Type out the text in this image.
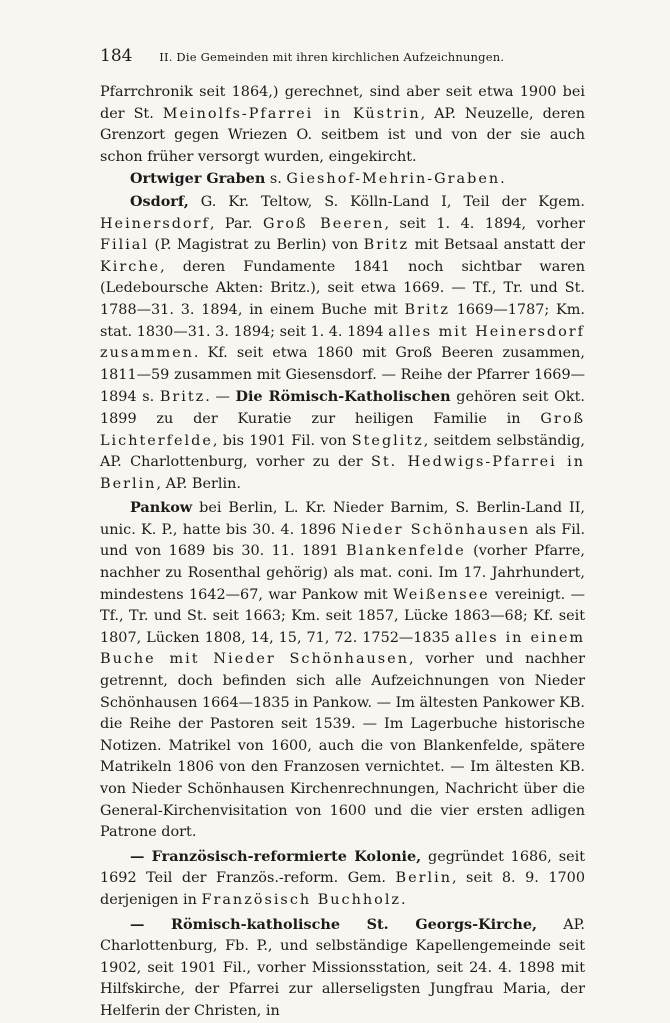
184 II. Die Gemeinden mit ihren kirchlichen Aufzeichnungen.

Pfarrchronik seit 1864,) gerechnet, sind aber seit etwa 1900 bei der St. Meinolfs-Pfarrei in Küstrin, AP. Neuzelle, deren Grenzort gegen Wriezen O. seitbem ist und von der sie auch schon früher versorgt wurden, eingekircht.

Ortwiger Graben s. Gieshof-Mehrin-Graben.

Osdorf, G. Kr. Teltow, S. Kölln-Land I, Teil der Kgem. Heinersdorf, Par. Groß Beeren, seit 1. 4. 1894, vorher Filial (P. Magistrat zu Berlin) von Britz mit Betsaal anstatt der Kirche, deren Fundamente 1841 noch sichtbar waren (Ledeboursche Akten: Britz.), seit etwa 1669. — Tf., Tr. und St. 1788—31. 3. 1894, in einem Buche mit Britz 1669—1787; Km. stat. 1830—31. 3. 1894; seit 1. 4. 1894 alles mit Heinersdorf zusammen. Kf. seit etwa 1860 mit Groß Beeren zusammen, 1811—59 zusammen mit Giesensdorf. — Reihe der Pfarrer 1669—1894 s. Britz. — Die Römisch-Katholischen gehören seit Okt. 1899 zu der Kuratie zur heiligen Familie in Groß Lichterfelde, bis 1901 Fil. von Steglitz, seitdem selbständig, AP. Charlottenburg, vorher zu der St. Hedwigs-Pfarrei in Berlin, AP. Berlin.

Pankow bei Berlin, L. Kr. Nieder Barnim, S. Berlin-Land II, unic. K. P., hatte bis 30. 4. 1896 Nieder Schönhausen als Fil. und von 1689 bis 30. 11. 1891 Blankenfelde (vorher Pfarre, nachher zu Rosenthal gehörig) als mat. coni. Im 17. Jahrhundert, mindestens 1642—67, war Pankow mit Weißensee vereinigt. — Tf., Tr. und St. seit 1663; Km. seit 1857, Lücke 1863—68; Kf. seit 1807, Lücken 1808, 14, 15, 71, 72. 1752—1835 alles in einem Buche mit Nieder Schönhausen, vorher und nachher getrennt, doch befinden sich alle Aufzeichnungen von Nieder Schönhausen 1664—1835 in Pankow. — Im ältesten Pankower KB. die Reihe der Pastoren seit 1539. — Im Lagerbuche historische Notizen. Matrikel von 1600, auch die von Blankenfelde, spätere Matrikeln 1806 von den Franzosen vernichtet. — Im ältesten KB. von Nieder Schönhausen Kirchenrechnungen, Nachricht über die General-Kirchenvisitation von 1600 und die vier ersten adligen Patrone dort.

— Französisch-reformierte Kolonie, gegründet 1686, seit 1692 Teil der Französ.-reform. Gem. Berlin, seit 8. 9. 1700 derjenigen in Französisch Buchholz.

— Römisch-katholische St. Georgs-Kirche, AP. Charlottenburg, Fb. P., und selbständige Kapellengemeinde seit 1902, seit 1901 Fil., vorher Missionsstation, seit 24. 4. 1898 mit Hilfskirche, der Pfarrei zur allerseligsten Jungfrau Maria, der Helferin der Christen, in
